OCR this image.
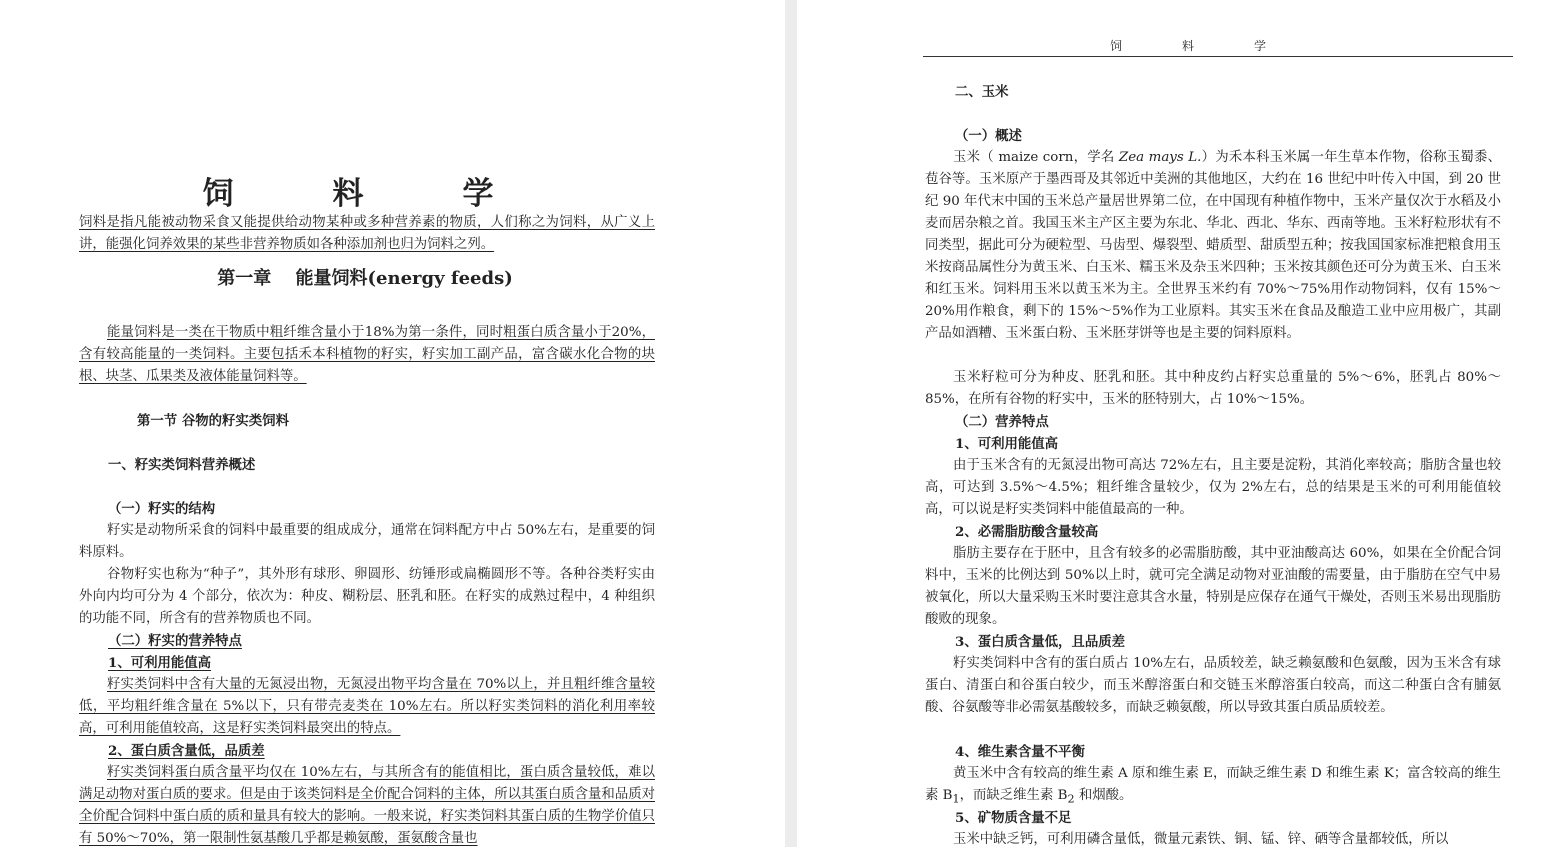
饲　料　学

饲料是指凡能被动物采食又能提供给动物某种或多种营养素的物质，人们称之为饲料，从广义上讲，能强化饲养效果的某些非营养物质如各种添加剂也归为饲料之列。

第一章　 能量饲料(energy feeds)

能量饲料是一类在干物质中粗纤维含量小于18%为第一条件，同时粗蛋白质含量小于20%，含有较高能量的一类饲料。主要包括禾本科植物的籽实，籽实加工副产品，富含碳水化合物的块根、块茎、瓜果类及液体能量饲料等。

第一节 谷物的籽实类饲料
一、籽实类饲料营养概述
（一）籽实的结构

籽实是动物所采食的饲料中最重要的组成成分，通常在饲料配方中占 50%左右，是重要的饲料原料。

谷物籽实也称为“种子”，其外形有球形、卵圆形、纺锤形或扁椭圆形不等。各种谷类籽实由外向内均可分为 4 个部分，依次为：种皮、糊粉层、胚乳和胚。在籽实的成熟过程中，4 种组织的功能不同，所含有的营养物质也不同。

（二）籽实的营养特点
1、可利用能值高

籽实类饲料中含有大量的无氮浸出物，无氮浸出物平均含量在 70%以上，并且粗纤维含量较低，平均粗纤维含量在 5%以下，只有带壳麦类在 10%左右。所以籽实类饲料的消化利用率较高，可利用能值较高，这是籽实类饲料最突出的特点。

2、蛋白质含量低，品质差

籽实类饲料蛋白质含量平均仅在 10%左右，与其所含有的能值相比，蛋白质含量较低，难以满足动物对蛋白质的要求。但是由于该类饲料是全价配合饲料的主体，所以其蛋白质含量和品质对全价配合饲料中蛋白质的质和量具有较大的影响。一般来说，籽实类饲料其蛋白质的生物学价值只有 50%～70%，第一限制性氨基酸几乎都是赖氨酸，蛋氨酸含量也

饲料学
二、玉米
（一）概述

玉米（ maize corn，学名 Zea mays L.）为禾本科玉米属一年生草本作物，俗称玉蜀黍、苞谷等。玉米原产于墨西哥及其邻近中美洲的其他地区，大约在 16 世纪中叶传入中国，到 20 世纪 90 年代末中国的玉米总产量居世界第二位，在中国现有种植作物中，玉米产量仅次于水稻及小麦而居杂粮之首。我国玉米主产区主要为东北、华北、西北、华东、西南等地。玉米籽粒形状有不同类型，据此可分为硬粒型、马齿型、爆裂型、蜡质型、甜质型五种；按我国国家标准把粮食用玉米按商品属性分为黄玉米、白玉米、糯玉米及杂玉米四种；玉米按其颜色还可分为黄玉米、白玉米和红玉米。饲料用玉米以黄玉米为主。全世界玉米约有 70%～75%用作动物饲料，仅有 15%～20%用作粮食，剩下的 15%～5%作为工业原料。其实玉米在食品及酿造工业中应用极广，其副产品如酒糟、玉米蛋白粉、玉米胚芽饼等也是主要的饲料原料。

玉米籽粒可分为种皮、胚乳和胚。其中种皮约占籽实总重量的 5%～6%，胚乳占 80%～85%，在所有谷物的籽实中，玉米的胚特别大，占 10%～15%。

（二）营养特点
1、可利用能值高

由于玉米含有的无氮浸出物可高达 72%左右，且主要是淀粉，其消化率较高；脂肪含量也较高，可达到 3.5%～4.5%；粗纤维含量较少，仅为 2%左右，总的结果是玉米的可利用能值较高，可以说是籽实类饲料中能值最高的一种。

2、必需脂肪酸含量较高

脂肪主要存在于胚中，且含有较多的必需脂肪酸，其中亚油酸高达 60%，如果在全价配合饲料中，玉米的比例达到 50%以上时，就可完全满足动物对亚油酸的需要量，由于脂肪在空气中易被氧化，所以大量采购玉米时要注意其含水量，特别是应保存在通气干燥处，否则玉米易出现脂肪酸败的现象。

3、蛋白质含量低，且品质差

籽实类饲料中含有的蛋白质占 10%左右，品质较差，缺乏赖氨酸和色氨酸，因为玉米含有球蛋白、清蛋白和谷蛋白较少，而玉米醇溶蛋白和交链玉米醇溶蛋白较高，而这二种蛋白含有脯氨酸、谷氨酸等非必需氨基酸较多，而缺乏赖氨酸，所以导致其蛋白质品质较差。

4、维生素含量不平衡

黄玉米中含有较高的维生素 A 原和维生素 E，而缺乏维生素 D 和维生素 K；富含较高的维生素 $B_1$，而缺乏维生素 $B_2$ 和烟酸。

5、矿物质含量不足

玉米中缺乏钙，可利用磷含量低，微量元素铁、铜、锰、锌、硒等含量都较低，所以
